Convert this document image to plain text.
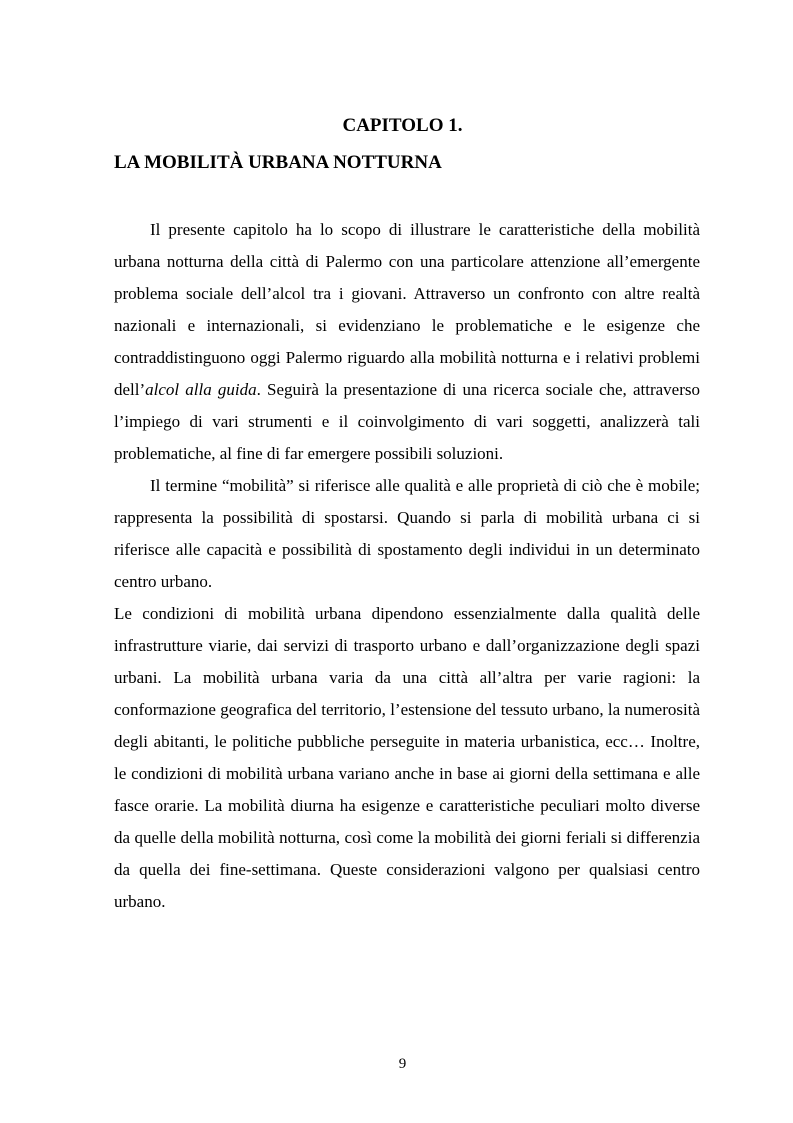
CAPITOLO 1.
LA MOBILITÀ URBANA NOTTURNA

Il presente capitolo ha lo scopo di illustrare le caratteristiche della mobilità urbana notturna della città di Palermo con una particolare attenzione all’emergente problema sociale dell’alcol tra i giovani. Attraverso un confronto con altre realtà nazionali e internazionali, si evidenziano le problematiche e le esigenze che contraddistinguono oggi Palermo riguardo alla mobilità notturna e i relativi problemi dell’alcol alla guida. Seguirà la presentazione di una ricerca sociale che, attraverso l’impiego di vari strumenti e il coinvolgimento di vari soggetti, analizzerà tali problematiche, al fine di far emergere possibili soluzioni.

Il termine “mobilità” si riferisce alle qualità e alle proprietà di ciò che è mobile; rappresenta la possibilità di spostarsi. Quando si parla di mobilità urbana ci si riferisce alle capacità e possibilità di spostamento degli individui in un determinato centro urbano.

Le condizioni di mobilità urbana dipendono essenzialmente dalla qualità delle infrastrutture viarie, dai servizi di trasporto urbano e dall’organizzazione degli spazi urbani. La mobilità urbana varia da una città all’altra per varie ragioni: la conformazione geografica del territorio, l’estensione del tessuto urbano, la numerosità degli abitanti, le politiche pubbliche perseguite in materia urbanistica, ecc… Inoltre, le condizioni di mobilità urbana variano anche in base ai giorni della settimana e alle fasce orarie. La mobilità diurna ha esigenze e caratteristiche peculiari molto diverse da quelle della mobilità notturna, così come la mobilità dei giorni feriali si differenzia da quella dei fine-settimana. Queste considerazioni valgono per qualsiasi centro urbano.

9
